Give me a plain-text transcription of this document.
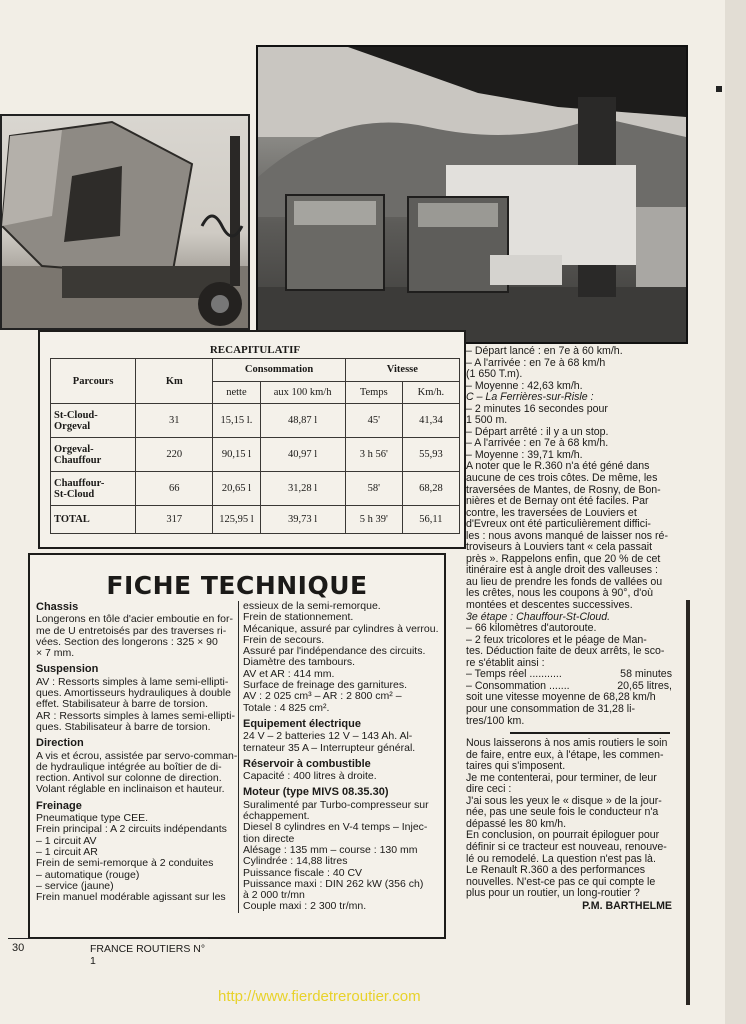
RECAPITULATIF					
Parcours	Km	Consommation		Vitesse	
		nette	aux 100 km/h	Temps	Km/h.
St-Cloud-
Orgeval	31	15,15 l.	48,87 l	45'	41,34
Orgeval-
Chauffour	220	90,15 l	40,97 l	3 h 56'	55,93
Chauffour-
St-Cloud	66	20,65 l	31,28 l	58'	68,28
TOTAL	317	125,95 l	39,73 l	5 h 39'	56,11
FICHE TECHNIQUE
Chassis

Longerons en tôle d'acier emboutie en for-
me de U entretoisés par des traverses ri-
vées. Section des longerons : 325 × 90
× 7 mm.

Suspension

AV : Ressorts simples à lame semi-ellipti-
ques. Amortisseurs hydrauliques à double
effet. Stabilisateur à barre de torsion.
AR : Ressorts simples à lames semi-ellipti-
ques. Stabilisateur à barre de torsion.

Direction

A vis et écrou, assistée par servo-comman-
de hydraulique intégrée au boîtier de di-
rection. Antivol sur colonne de direction.
Volant réglable en inclinaison et hauteur.

Freinage

Pneumatique type CEE.
Frein principal : A 2 circuits indépendants
– 1 circuit AV
– 1 circuit AR
Frein de semi-remorque à 2 conduites
– automatique (rouge)
– service (jaune)
Frein manuel modérable agissant sur les

essieux de la semi-remorque.
Frein de stationnement.
Mécanique, assuré par cylindres à verrou.
Frein de secours.
Assuré par l'indépendance des circuits.
Diamètre des tambours.
AV et AR : 414 mm.
Surface de freinage des garnitures.
AV : 2 025 cm³ – AR : 2 800 cm² –
Totale : 4 825 cm².

Equipement électrique

24 V – 2 batteries 12 V – 143 Ah. Al-
ternateur 35 A – Interrupteur général.

Réservoir à combustible

Capacité : 400 litres à droite.

Moteur (type MIVS 08.35.30)

Suralimenté par Turbo-compresseur sur
échappement.
Diesel 8 cylindres en V-4 temps – Injec-
tion directe
Alésage : 135 mm – course : 130 mm
Cylindrée : 14,88 litres
Puissance fiscale : 40 CV
Puissance maxi : DIN 262 kW (356 ch)
à 2 000 tr/mn
Couple maxi : 2 300 tr/mn.

– Départ lancé : en 7e à 60 km/h.
– A l'arrivée : en 7e à 68 km/h
(1 650 T.m).
– Moyenne : 42,63 km/h.

C – La Ferrières-sur-Risle :

– 2 minutes 16 secondes pour
1 500 m.
– Départ arrêté : il y a un stop.
– A l'arrivée : en 7e à 68 km/h.
– Moyenne : 39,71 km/h.
A noter que le R.360 n'a été géné dans
aucune de ces trois côtes. De même, les
traversées de Mantes, de Rosny, de Bon-
nières et de Bernay ont été faciles. Par
contre, les traversées de Louviers et
d'Evreux ont été particulièrement diffici-
les : nous avons manqué de laisser nos ré-
troviseurs à Louviers tant « cela passait
près ». Rappelons enfin, que 20 % de cet
itinéraire est à angle droit des valleuses :
au lieu de prendre les fonds de vallées ou
les crêtes, nous les coupons à 90°, d'où
montées et descentes successives.

3e étape : Chauffour-St-Cloud.

– 66 kilomètres d'autoroute.
– 2 feux tricolores et le péage de Man-
tes. Déduction faite de deux arrêts, le sco-
re s'établit ainsi :

– Temps réel ...........	58 minutes
– Consommation .......	20,65 litres,

soit une vitesse moyenne de 68,28 km/h
pour une consommation de 31,28 li-
tres/100 km.

Nous laisserons à nos amis routiers le soin
de faire, entre eux, à l'étape, les commen-
taires qui s'imposent.
Je me contenterai, pour terminer, de leur
dire ceci :
J'ai sous les yeux le « disque » de la jour-
née, pas une seule fois le conducteur n'a
dépassé les 80 km/h.
En conclusion, on pourrait épiloguer pour
définir si ce tracteur est nouveau, renouve-
lé ou remodelé. La question n'est pas là.
Le Renault R.360 a des performances
nouvelles. N'est-ce pas ce qui compte le
plus pour un routier, un long-routier ?

P.M. BARTHELME

30	FRANCE ROUTIERS N° 1
http://www.fierdetreroutier.com
